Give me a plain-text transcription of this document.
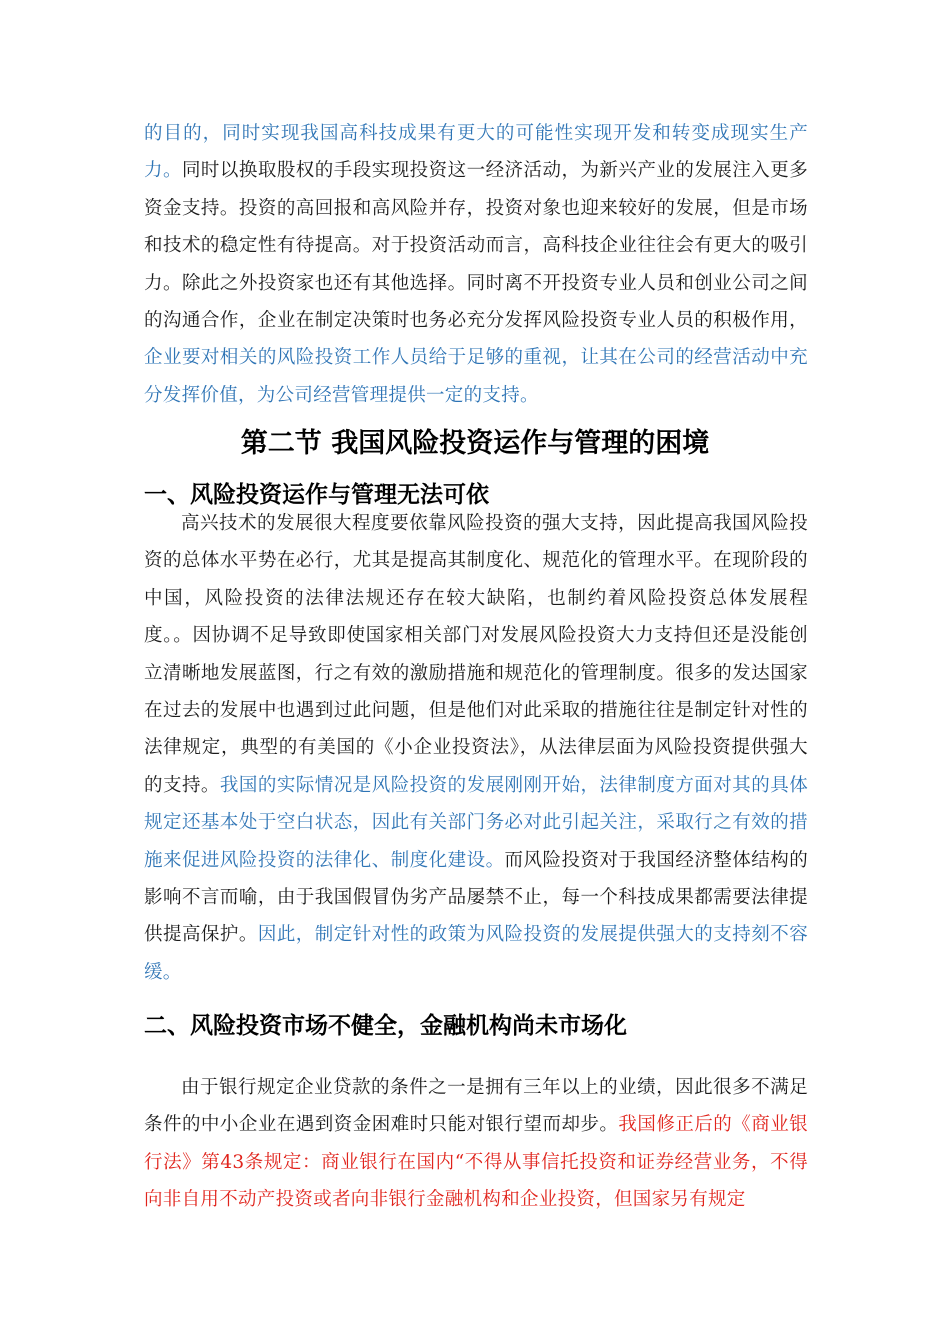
的目的，同时实现我国高科技成果有更大的可能性实现开发和转变成现实生产力。同时以换取股权的手段实现投资这一经济活动，为新兴产业的发展注入更多资金支持。投资的高回报和高风险并存，投资对象也迎来较好的发展，但是市场和技术的稳定性有待提高。对于投资活动而言，高科技企业往往会有更大的吸引力。除此之外投资家也还有其他选择。同时离不开投资专业人员和创业公司之间的沟通合作，企业在制定决策时也务必充分发挥风险投资专业人员的积极作用，企业要对相关的风险投资工作人员给于足够的重视，让其在公司的经营活动中充分发挥价值，为公司经营管理提供一定的支持。

第二节 我国风险投资运作与管理的困境
一、风险投资运作与管理无法可依

高兴技术的发展很大程度要依靠风险投资的强大支持，因此提高我国风险投资的总体水平势在必行，尤其是提高其制度化、规范化的管理水平。在现阶段的中国，风险投资的法律法规还存在较大缺陷，也制约着风险投资总体发展程度。。因协调不足导致即使国家相关部门对发展风险投资大力支持但还是没能创立清晰地发展蓝图，行之有效的激励措施和规范化的管理制度。很多的发达国家在过去的发展中也遇到过此问题，但是他们对此采取的措施往往是制定针对性的法律规定，典型的有美国的《小企业投资法》，从法律层面为风险投资提供强大的支持。我国的实际情况是风险投资的发展刚刚开始，法律制度方面对其的具体规定还基本处于空白状态，因此有关部门务必对此引起关注，采取行之有效的措施来促进风险投资的法律化、制度化建设。而风险投资对于我国经济整体结构的影响不言而喻，由于我国假冒伪劣产品屡禁不止，每一个科技成果都需要法律提供提高保护。因此，制定针对性的政策为风险投资的发展提供强大的支持刻不容缓。

二、风险投资市场不健全，金融机构尚未市场化

由于银行规定企业贷款的条件之一是拥有三年以上的业绩，因此很多不满足条件的中小企业在遇到资金困难时只能对银行望而却步。我国修正后的《商业银行法》第43条规定：商业银行在国内“不得从事信托投资和证券经营业务，不得向非自用不动产投资或者向非银行金融机构和企业投资，但国家另有规定
